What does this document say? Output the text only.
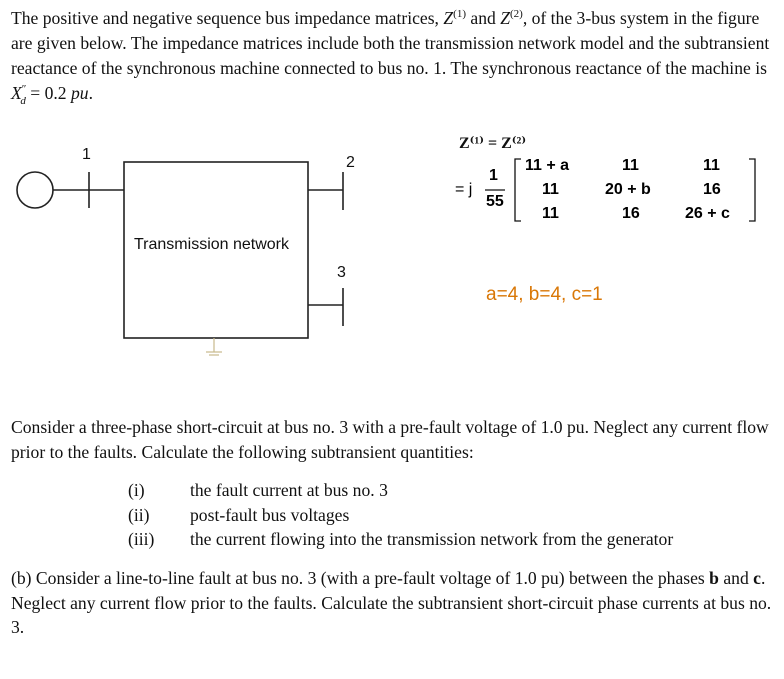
The positive and negative sequence bus impedance matrices, $Z^{(1)}$ and $Z^{(2)}$, of the 3-bus system in the figure are given below. The impedance matrices include both the transmission network model and the subtransient reactance of the synchronous machine connected to bus no. 1. The synchronous reactance of the machine is $X''_d = 0.2$ pu.

1	2
3
Transmission network
Z⁽¹⁾ = Z⁽²⁾
= j
1
55
11 + a	11	11
11	20 + b	16
11	16	26 + c
a=4, b=4, c=1

Consider a three-phase short-circuit at bus no. 3 with a pre-fault voltage of 1.0 pu. Neglect any current flow prior to the faults. Calculate the following subtransient quantities:

(i)	the fault current at bus no. 3
(ii) post-fault bus voltages
(iii) the current flowing into the transmission network from the generator

(b) Consider a line-to-line fault at bus no. 3 (with a pre-fault voltage of 1.0 pu) between the phases b and c. Neglect any current flow prior to the faults. Calculate the subtransient short-circuit phase currents at bus no. 3.
